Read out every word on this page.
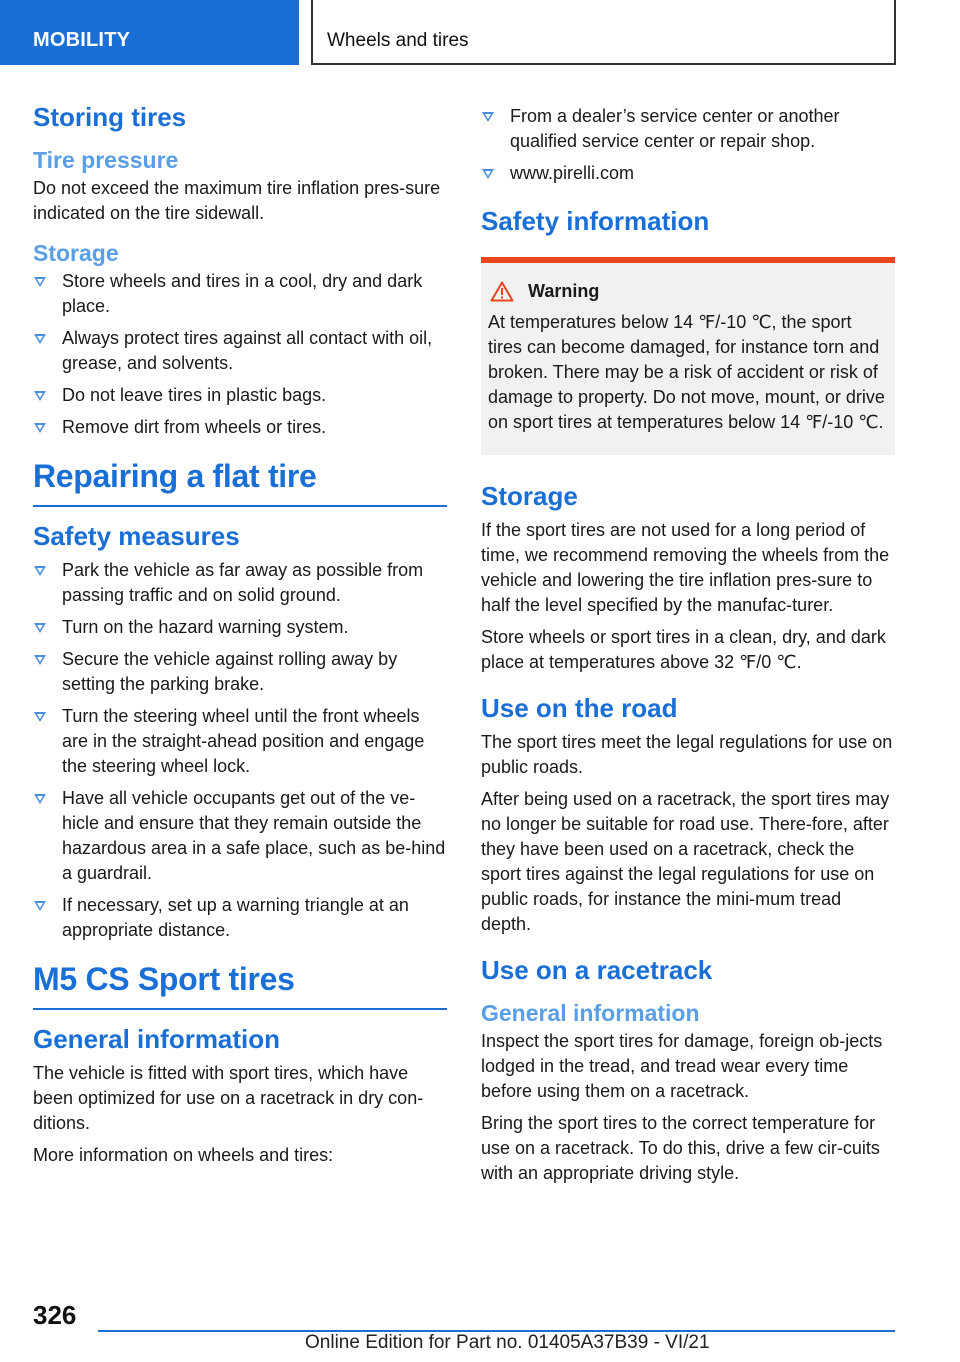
MOBILITY	Wheels and tires
Storing tires
Tire pressure

Do not exceed the maximum tire inflation pres-sure indicated on the tire sidewall.

Storage
Store wheels and tires in a cool, dry and dark place.
Always protect tires against all contact with oil, grease, and solvents.
Do not leave tires in plastic bags.
Remove dirt from wheels or tires.
Repairing a flat tire
Safety measures
Park the vehicle as far away as possible from passing traffic and on solid ground.
Turn on the hazard warning system.
Secure the vehicle against rolling away by setting the parking brake.
Turn the steering wheel until the front wheels are in the straight-ahead position and engage the steering wheel lock.
Have all vehicle occupants get out of the ve-hicle and ensure that they remain outside the hazardous area in a safe place, such as be-hind a guardrail.
If necessary, set up a warning triangle at an appropriate distance.
M5 CS Sport tires
General information

The vehicle is fitted with sport tires, which have been optimized for use on a racetrack in dry con-ditions.

More information on wheels and tires:

From a dealer’s service center or another qualified service center or repair shop.
www.pirelli.com
Safety information
Warning

At temperatures below 14 ℉/-10 ℃, the sport tires can become damaged, for instance torn and broken. There may be a risk of accident or risk of damage to property. Do not move, mount, or drive on sport tires at temperatures below 14 ℉/-10 ℃.

Storage

If the sport tires are not used for a long period of time, we recommend removing the wheels from the vehicle and lowering the tire inflation pres-sure to half the level specified by the manufac-turer.

Store wheels or sport tires in a clean, dry, and dark place at temperatures above 32 ℉/0 ℃.

Use on the road

The sport tires meet the legal regulations for use on public roads.

After being used on a racetrack, the sport tires may no longer be suitable for road use. There-fore, after they have been used on a racetrack, check the sport tires against the legal regulations for use on public roads, for instance the mini-mum tread depth.

Use on a racetrack
General information

Inspect the sport tires for damage, foreign ob-jects lodged in the tread, and tread wear every time before using them on a racetrack.

Bring the sport tires to the correct temperature for use on a racetrack. To do this, drive a few cir-cuits with an appropriate driving style.

326
Online Edition for Part no. 01405A37B39 - VI/21
